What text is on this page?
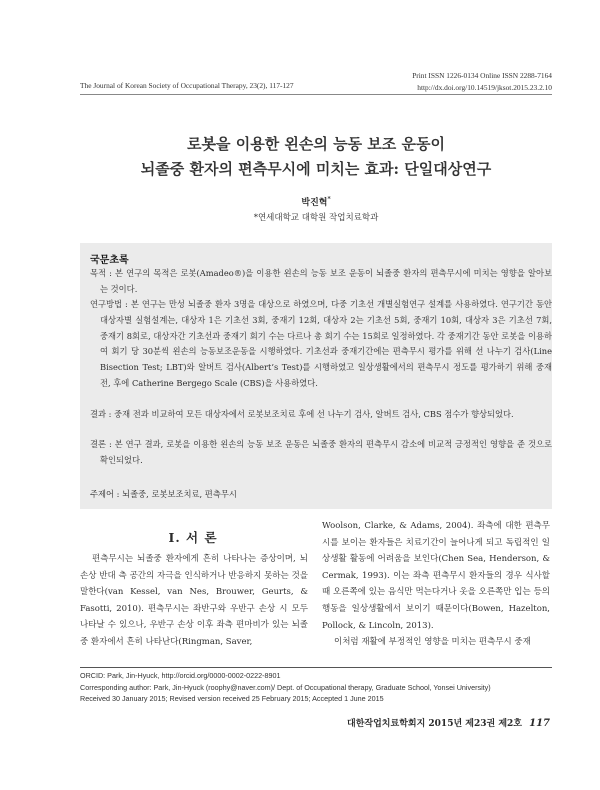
The Journal of Korean Society of Occupational Therapy, 23(2), 117-127
Print ISSN 1226-0134 Online ISSN 2288-7164
http://dx.doi.org/10.14519/jksot.2015.23.2.10
로봇을 이용한 왼손의 능동 보조 운동이
뇌졸중 환자의 편측무시에 미치는 효과: 단일대상연구
박진혁*
*연세대학교 대학원 작업치료학과
국문초록
목적 : 본 연구의 목적은 로봇(Amadeo®)을 이용한 왼손의 능동 보조 운동이 뇌졸중 환자의 편측무시에 미치는 영향을 알아보는 것이다.
연구방법 : 본 연구는 만성 뇌졸중 환자 3명을 대상으로 하였으며, 다중 기초선 개별실험연구 설계를 사용하였다. 연구기간 동안 대상자별 실험설계는, 대상자 1은 기초선 3회, 중재기 12회, 대상자 2는 기초선 5회, 중재기 10회, 대상자 3은 기초선 7회, 중재기 8회로, 대상자간 기초선과 중재기 회기 수는 다르나 총 회기 수는 15회로 일정하였다. 각 중재기간 동안 로봇을 이용하여 회기 당 30분씩 왼손의 능동보조운동을 시행하였다. 기초선과 중재기간에는 편측무시 평가를 위해 선 나누기 검사(Line Bisection Test; LBT)와 알버트 검사(Albert’s Test)를 시행하였고 일상생활에서의 편측무시 정도를 평가하기 위해 중재 전, 후에 Catherine Bergego Scale (CBS)을 사용하였다.
결과 : 중재 전과 비교하여 모든 대상자에서 로봇보조치료 후에 선 나누기 검사, 알버트 검사, CBS 점수가 향상되었다.
결론 : 본 연구 결과, 로봇을 이용한 왼손의 능동 보조 운동은 뇌졸중 환자의 편측무시 감소에 비교적 긍정적인 영향을 준 것으로 확인되었다.
주제어 : 뇌졸중, 로봇보조치료, 편측무시
Ⅰ. 서 론

편측무시는 뇌졸중 환자에게 흔히 나타나는 증상이며, 뇌 손상 반대 측 공간의 자극을 인식하거나 반응하지 못하는 것을 말한다(van Kessel, van Nes, Brouwer, Geurts, & Fasotti, 2010). 편측무시는 좌반구와 우반구 손상 시 모두 나타날 수 있으나, 우반구 손상 이후 좌측 편마비가 있는 뇌졸중 환자에서 흔히 나타난다(Ringman, Saver,

Woolson, Clarke, & Adams, 2004). 좌측에 대한 편측무시를 보이는 환자들은 치료기간이 늘어나게 되고 독립적인 일상생활 활동에 어려움을 보인다(Chen Sea, Henderson, & Cermak, 1993). 이는 좌측 편측무시 환자들의 경우 식사할 때 오른쪽에 있는 음식만 먹는다거나 옷을 오른쪽만 입는 등의 행동을 일상생활에서 보이기 때문이다(Bowen, Hazelton, Pollock, & Lincoln, 2013).

이처럼 재활에 부정적인 영향을 미치는 편측무시 중재

ORCID: Park, Jin-Hyuck, http://orcid.org/0000-0002-0222-8901
Corresponding author: Park, Jin-Hyuck (roophy@naver.com)/ Dept. of Occupational therapy, Graduate School, Yonsei University)
Received 30 January 2015; Revised version received 25 February 2015; Accepted 1 June 2015
대한작업치료학회지 2015년 제23권 제2호 117
